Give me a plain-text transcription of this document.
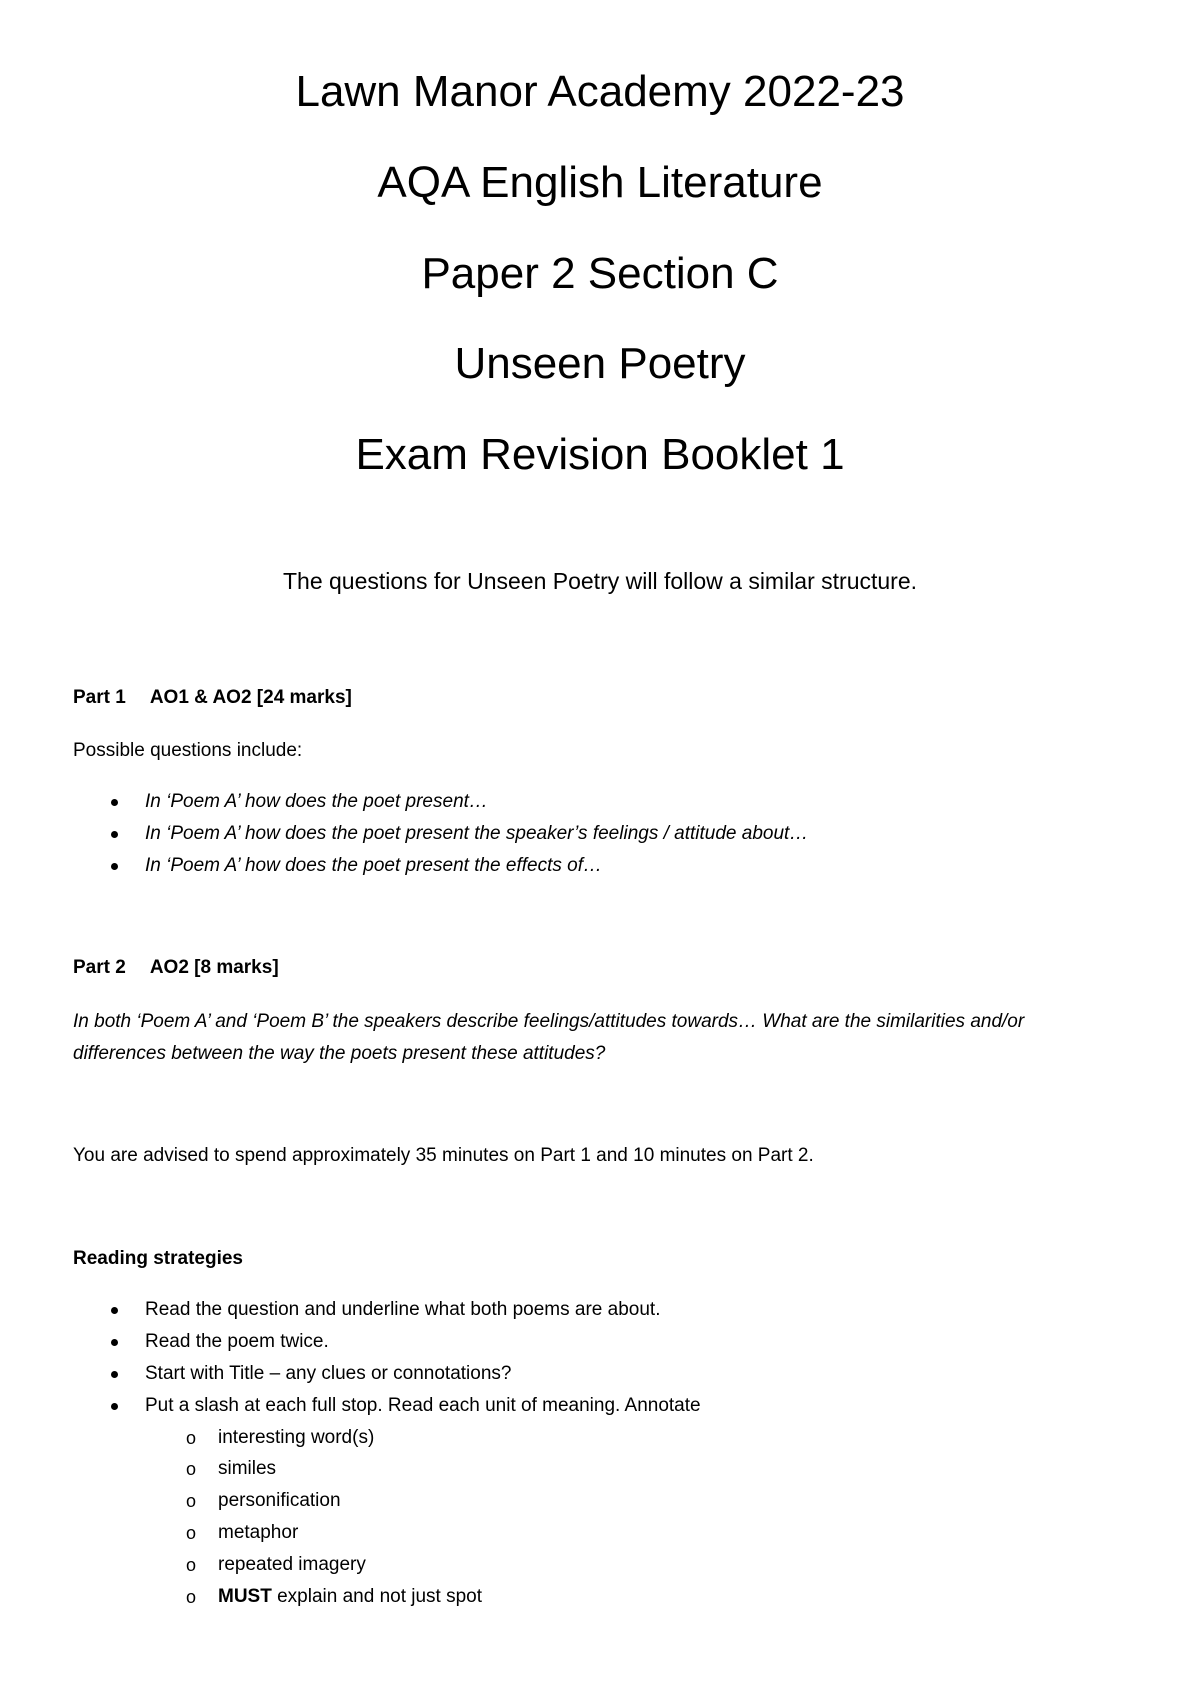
Lawn Manor Academy 2022-23
AQA English Literature
Paper 2 Section C
Unseen Poetry
Exam Revision Booklet 1
The questions for Unseen Poetry will follow a similar structure.
Part 1 AO1 & AO2 [24 marks]
Possible questions include:
In ‘Poem A’ how does the poet present…
In ‘Poem A’ how does the poet present the speaker’s feelings / attitude about…
In ‘Poem A’ how does the poet present the effects of…
Part 2 AO2 [8 marks]
In both ‘Poem A’ and ‘Poem B’ the speakers describe feelings/attitudes towards… What are the similarities and/or
differences between the way the poets present these attitudes?
You are advised to spend approximately 35 minutes on Part 1 and 10 minutes on Part 2.
Reading strategies
Read the question and underline what both poems are about.
Read the poem twice.
Start with Title – any clues or connotations?
Put a slash at each full stop. Read each unit of meaning. Annotate
o interesting word(s)
o similes
o personification
o metaphor
o repeated imagery
o MUST explain and not just spot
